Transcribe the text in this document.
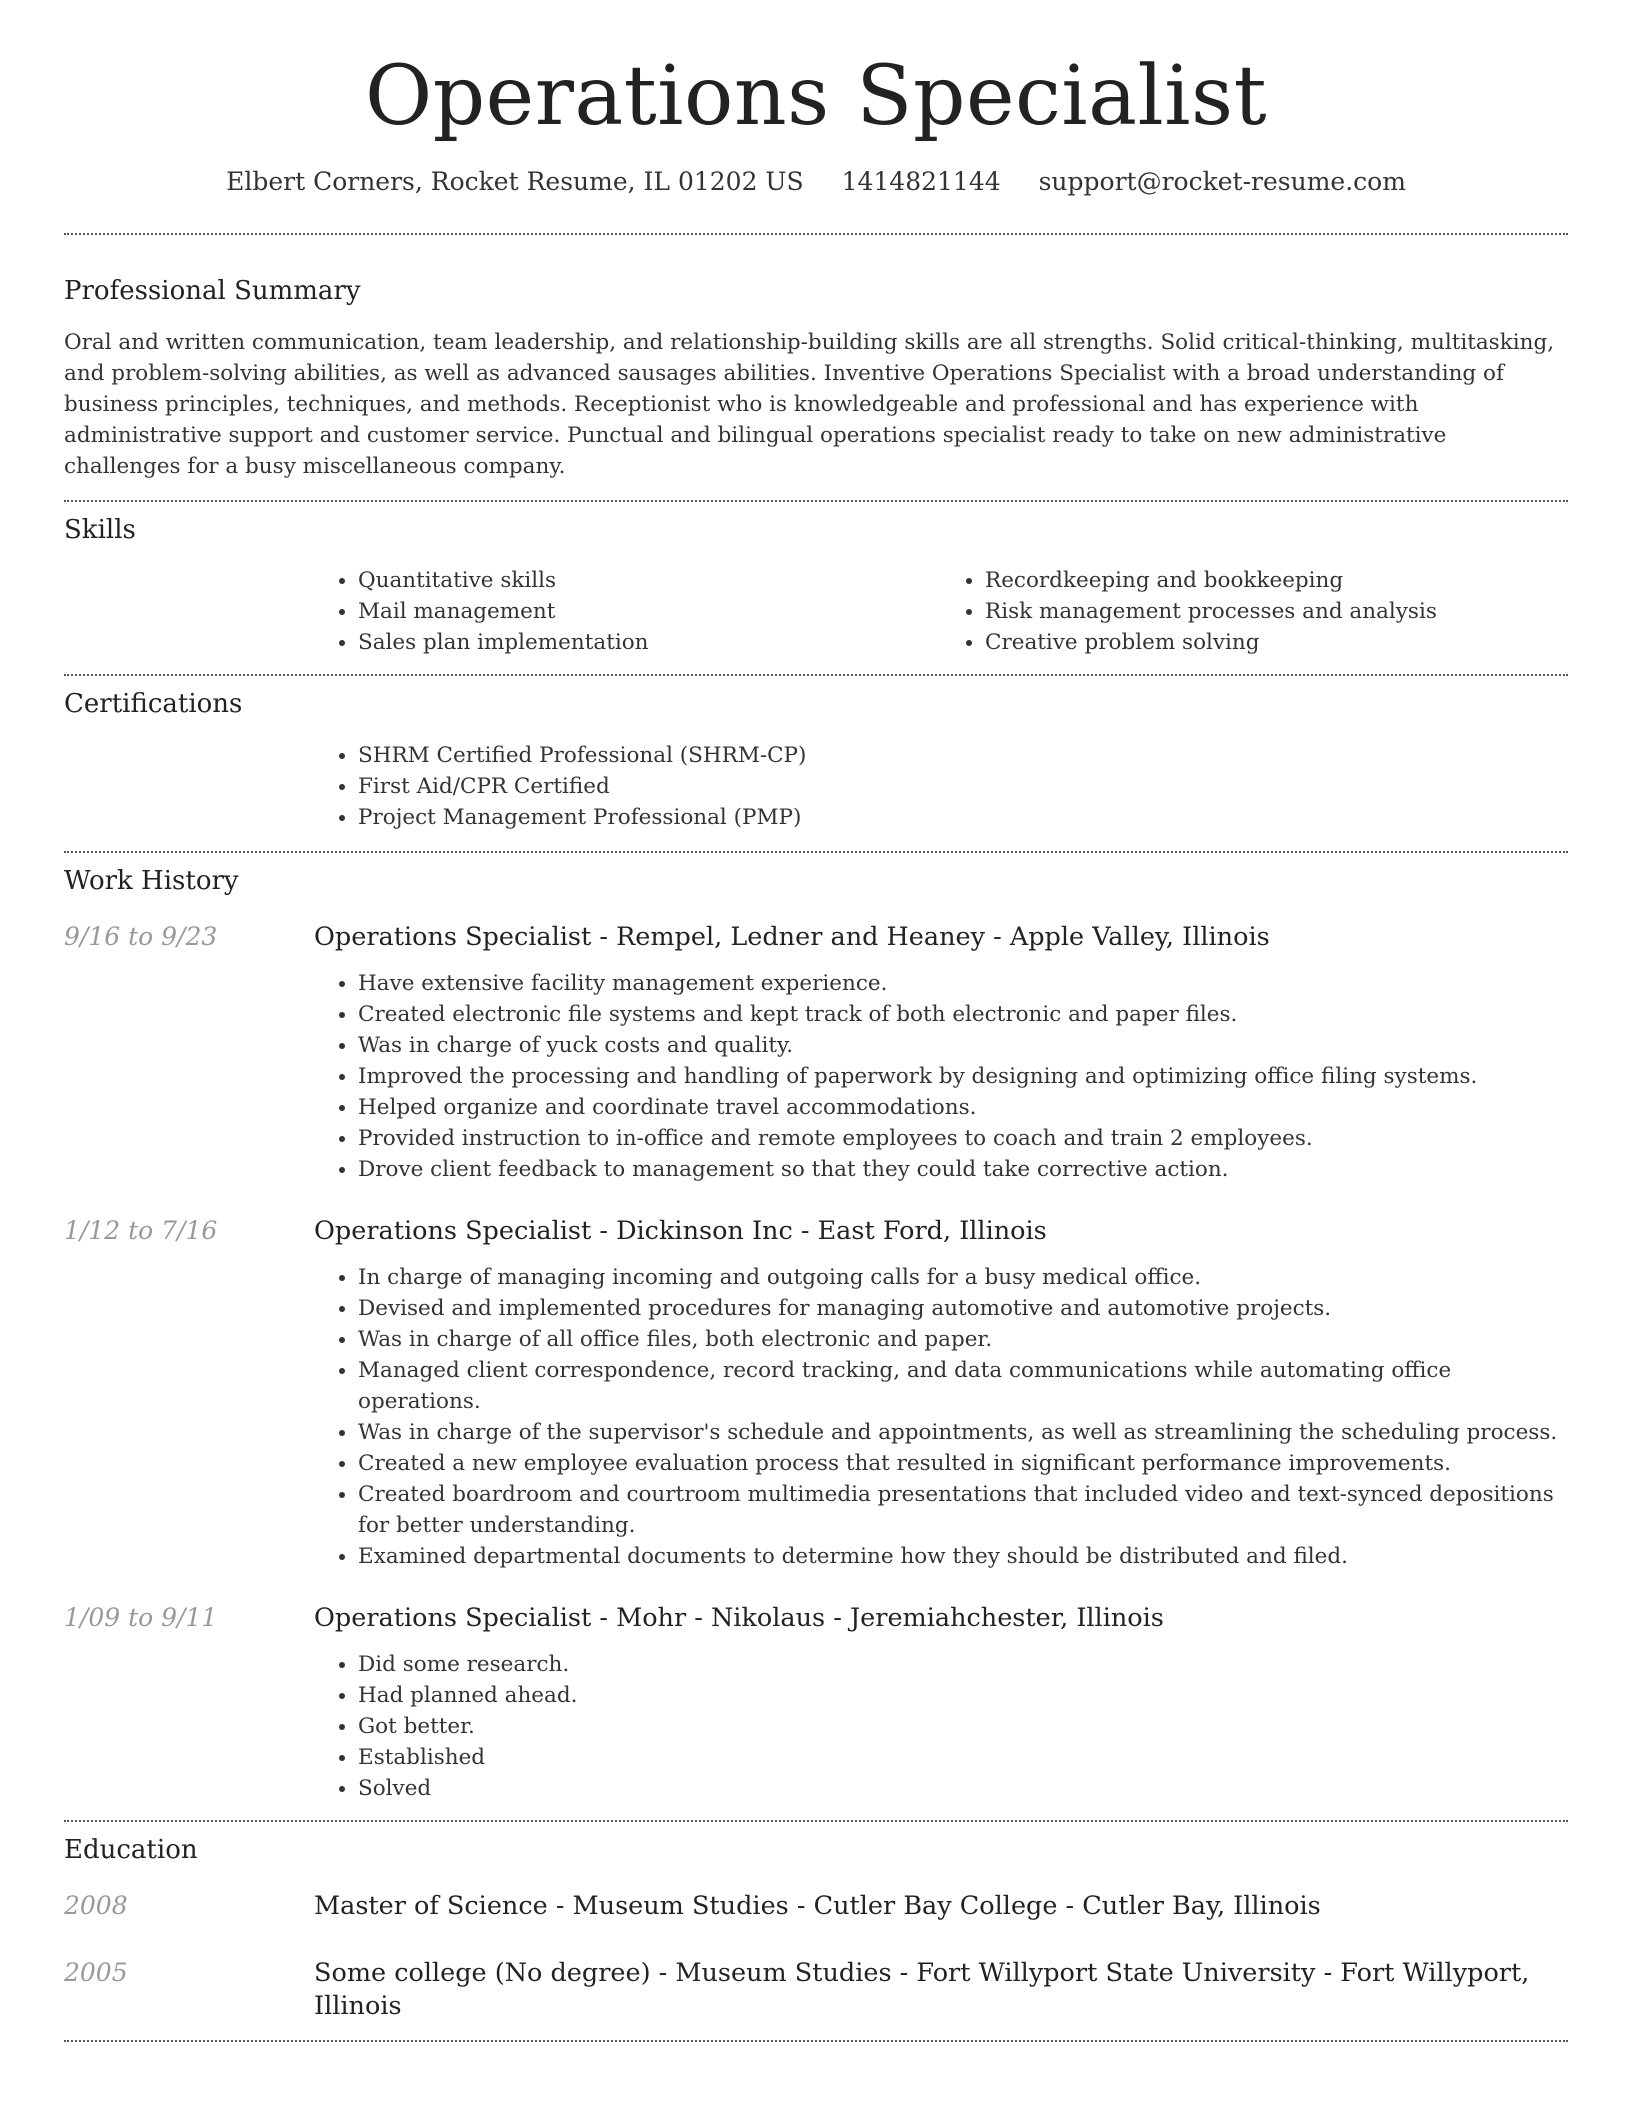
Operations Specialist
Elbert Corners, Rocket Resume, IL 01202 US 1414821144 support@rocket-resume.com
Professional Summary

Oral and written communication, team leadership, and relationship-building skills are all strengths. Solid critical-thinking, multitasking, and problem-solving abilities, as well as advanced sausages abilities. Inventive Operations Specialist with a broad understanding of business principles, techniques, and methods. Receptionist who is knowledgeable and professional and has experience with administrative support and customer service. Punctual and bilingual operations specialist ready to take on new administrative challenges for a busy miscellaneous company.

Skills
• Quantitative skills
• Mail management
• Sales plan implementation
• Recordkeeping and bookkeeping
• Risk management processes and analysis
• Creative problem solving
Certifications
• SHRM Certified Professional (SHRM-CP)
• First Aid/CPR Certified
• Project Management Professional (PMP)
Work History
9/16 to 9/23	Operations Specialist - Rempel, Ledner and Heaney - Apple Valley, Illinois
• Have extensive facility management experience.
• Created electronic file systems and kept track of both electronic and paper files.
• Was in charge of yuck costs and quality.
• Improved the processing and handling of paperwork by designing and optimizing office filing systems.
• Helped organize and coordinate travel accommodations.
• Provided instruction to in-office and remote employees to coach and train 2 employees.
• Drove client feedback to management so that they could take corrective action.
1/12 to 7/16	Operations Specialist - Dickinson Inc - East Ford, Illinois
• In charge of managing incoming and outgoing calls for a busy medical office.
• Devised and implemented procedures for managing automotive and automotive projects.
• Was in charge of all office files, both electronic and paper.
• Managed client correspondence, record tracking, and data communications while automating office operations.
• Was in charge of the supervisor's schedule and appointments, as well as streamlining the scheduling process.
• Created a new employee evaluation process that resulted in significant performance improvements.
• Created boardroom and courtroom multimedia presentations that included video and text-synced depositions for better understanding.
• Examined departmental documents to determine how they should be distributed and filed.
1/09 to 9/11	Operations Specialist - Mohr - Nikolaus - Jeremiahchester, Illinois
• Did some research.
• Had planned ahead.
• Got better.
• Established
• Solved
Education
2008	Master of Science - Museum Studies - Cutler Bay College - Cutler Bay, Illinois
2005	Some college (No degree) - Museum Studies - Fort Willyport State University - Fort Willyport, Illinois
